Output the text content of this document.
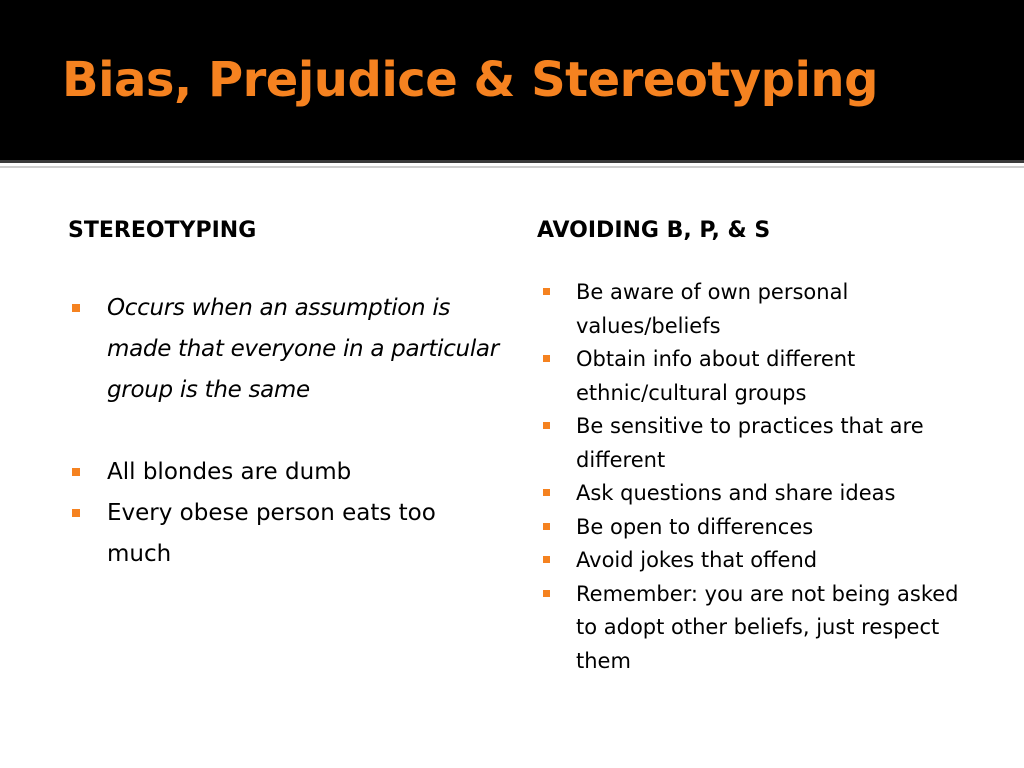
Bias, Prejudice & Stereotyping
STEREOTYPING
Occurs when an assumption is made that everyone in a particular group is the same
All blondes are dumb
Every obese person eats too much
AVOIDING B, P, & S
Be aware of own personal values/beliefs
Obtain info about different ethnic/cultural groups
Be sensitive to practices that are different
Ask questions and share ideas
Be open to differences
Avoid jokes that offend
Remember: you are not being asked to adopt other beliefs, just respect them
